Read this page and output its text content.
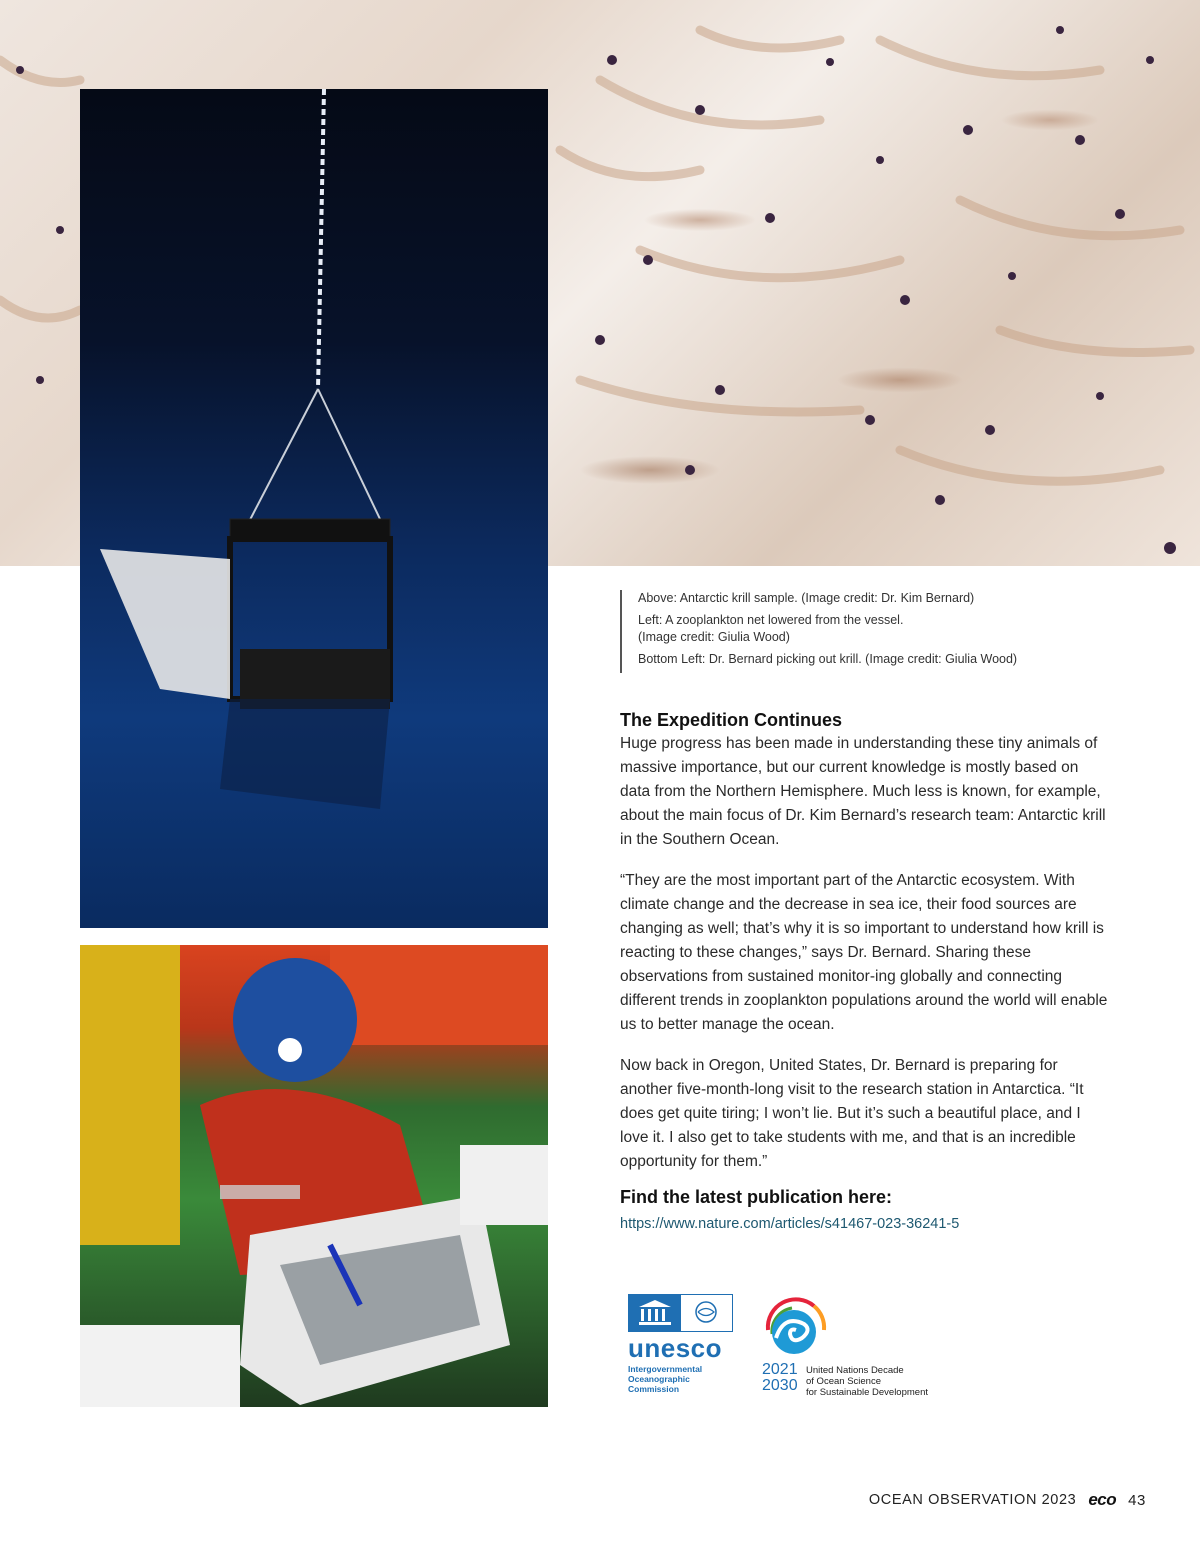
Above: Antarctic krill sample. (Image credit: Dr. Kim Bernard)

Left: A zooplankton net lowered from the vessel. (Image credit: Giulia Wood)

Bottom Left: Dr. Bernard picking out krill. (Image credit: Giulia Wood)

The Expedition Continues

Huge progress has been made in understanding these tiny animals of massive importance, but our current knowledge is mostly based on data from the Northern Hemisphere. Much less is known, for example, about the main focus of Dr. Kim Bernard’s research team: Antarctic krill in the Southern Ocean.

“They are the most important part of the Antarctic ecosystem. With climate change and the decrease in sea ice, their food sources are changing as well; that’s why it is so important to understand how krill is reacting to these changes,” says Dr. Bernard. Sharing these observations from sustained monitor-ing globally and connecting different trends in zooplankton populations around the world will enable us to better manage the ocean.

Now back in Oregon, United States, Dr. Bernard is preparing for another five-month-long visit to the research station in Antarctica. “It does get quite tiring; I won’t lie. But it’s such a beautiful place, and I love it. I also get to take students with me, and that is an incredible opportunity for them.”

Find the latest publication here:
https://www.nature.com/articles/s41467-023-36241-5
unesco
Intergovernmental
Oceanographic
Commission
2021
2030
United Nations Decade
of Ocean Science
for Sustainable Development
OCEAN OBSERVATION 2023 eco 43
